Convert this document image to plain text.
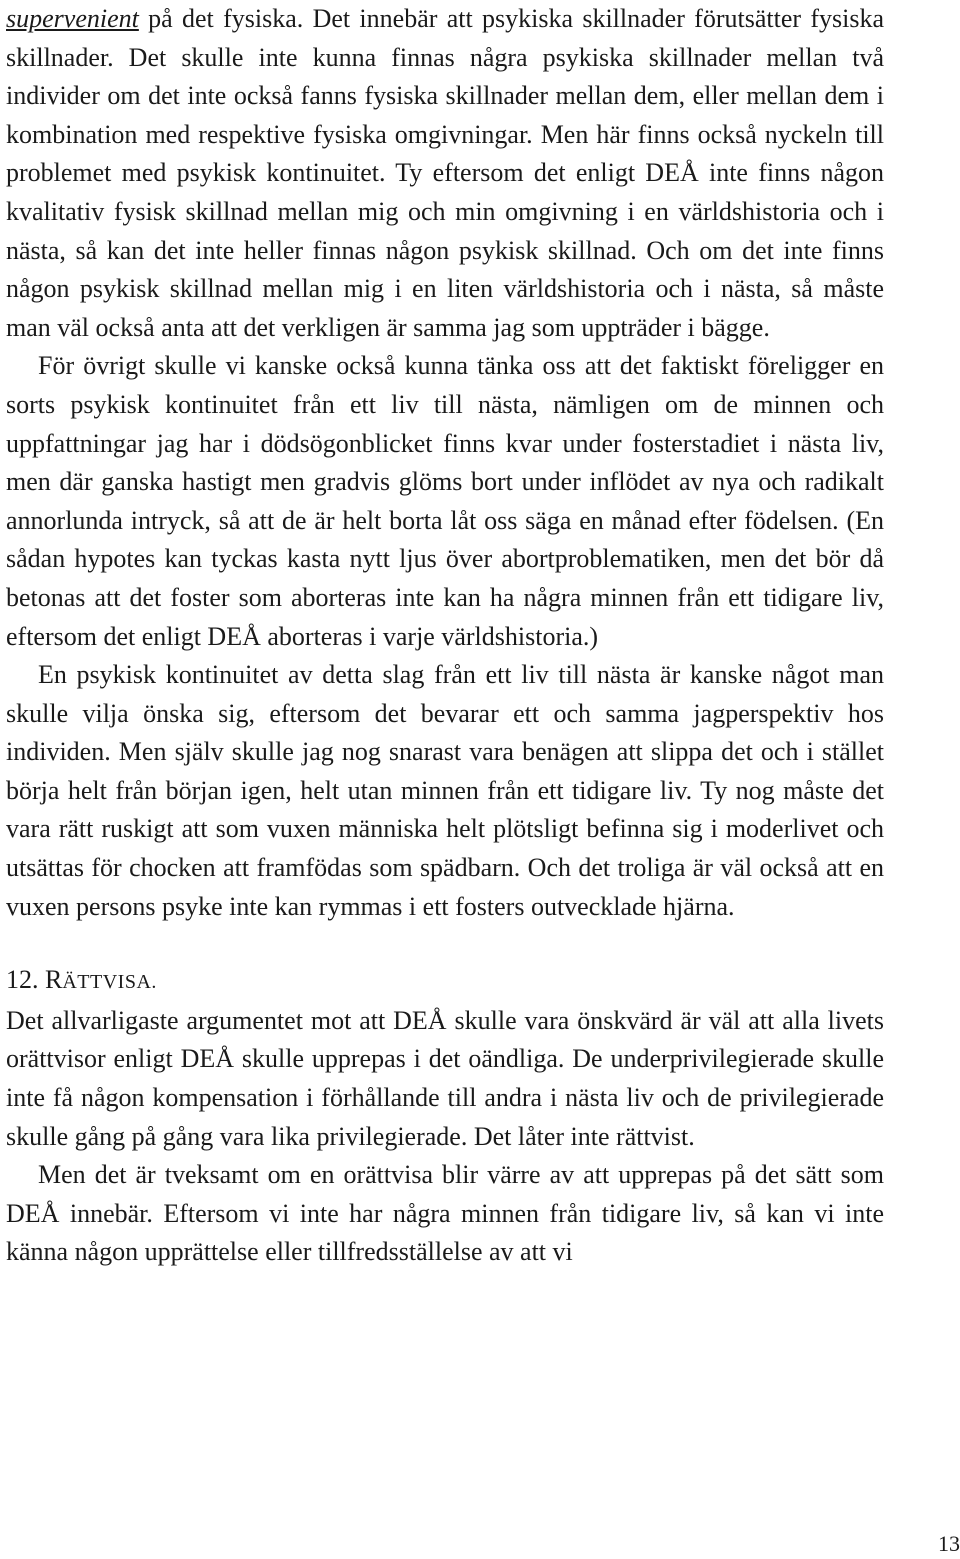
supervenient på det fysiska. Det innebär att psykiska skillnader förutsätter fysiska skillnader. Det skulle inte kunna finnas några psykiska skillnader mellan två individer om det inte också fanns fysiska skillnader mellan dem, eller mellan dem i kombination med respektive fysiska omgivningar. Men här finns också nyckeln till problemet med psykisk kontinuitet. Ty eftersom det enligt DEÅ inte finns någon kvalitativ fysisk skillnad mellan mig och min omgivning i en världshistoria och i nästa, så kan det inte heller finnas någon psykisk skillnad. Och om det inte finns någon psykisk skillnad mellan mig i en liten världshistoria och i nästa, så måste man väl också anta att det verkligen är samma jag som uppträder i bägge.

För övrigt skulle vi kanske också kunna tänka oss att det faktiskt föreligger en sorts psykisk kontinuitet från ett liv till nästa, nämligen om de minnen och uppfattningar jag har i dödsögonblicket finns kvar under fosterstadiet i nästa liv, men där ganska hastigt men gradvis glöms bort under inflödet av nya och radikalt annorlunda intryck, så att de är helt borta låt oss säga en månad efter födelsen. (En sådan hypotes kan tyckas kasta nytt ljus över abortproblematiken, men det bör då betonas att det foster som aborteras inte kan ha några minnen från ett tidigare liv, eftersom det enligt DEÅ aborteras i varje världshistoria.)

En psykisk kontinuitet av detta slag från ett liv till nästa är kanske något man skulle vilja önska sig, eftersom det bevarar ett och samma jagperspektiv hos individen. Men själv skulle jag nog snarast vara benägen att slippa det och i stället börja helt från början igen, helt utan minnen från ett tidigare liv. Ty nog måste det vara rätt ruskigt att som vuxen människa helt plötsligt befinna sig i moderlivet och utsättas för chocken att framfödas som spädbarn. Och det troliga är väl också att en vuxen persons psyke inte kan rymmas i ett fosters outvecklade hjärna.

12. RÄTTVISA.

Det allvarligaste argumentet mot att DEÅ skulle vara önskvärd är väl att alla livets orättvisor enligt DEÅ skulle upprepas i det oändliga. De underprivilegierade skulle inte få någon kompensation i förhållande till andra i nästa liv och de privilegierade skulle gång på gång vara lika privilegierade. Det låter inte rättvist.

Men det är tveksamt om en orättvisa blir värre av att upprepas på det sätt som DEÅ innebär. Eftersom vi inte har några minnen från tidigare liv, så kan vi inte känna någon upprättelse eller tillfredsställelse av att vi

13
